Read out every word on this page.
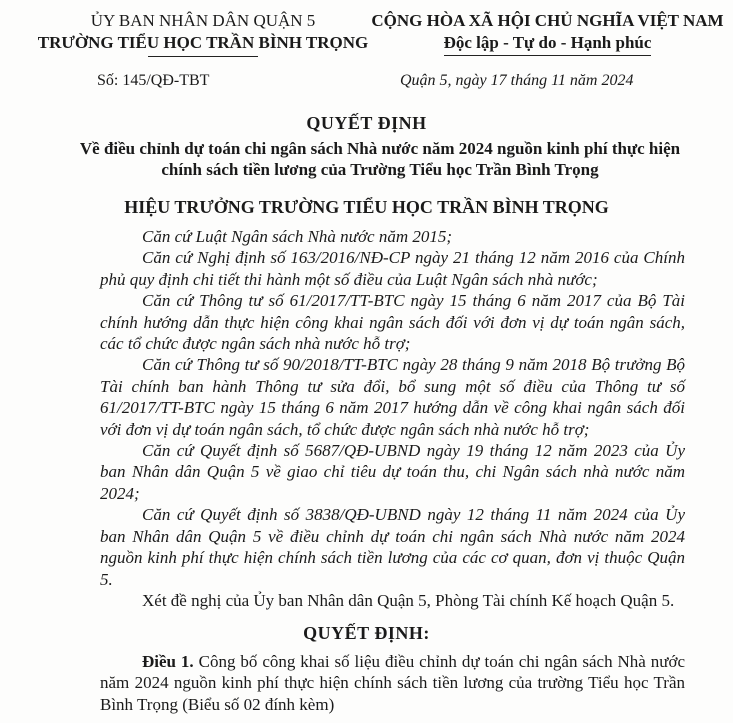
ỦY BAN NHÂN DÂN QUẬN 5
TRƯỜNG TIỂU HỌC TRẦN BÌNH TRỌNG
CỘNG HÒA XÃ HỘI CHỦ NGHĨA VIỆT NAM
Độc lập - Tự do - Hạnh phúc
Số: 145/QĐ-TBT	Quận 5, ngày 17 tháng 11 năm 2024
QUYẾT ĐỊNH
Về điều chỉnh dự toán chi ngân sách Nhà nước năm 2024 nguồn kinh phí thực hiện chính sách tiền lương của Trường Tiểu học Trần Bình Trọng
HIỆU TRƯỞNG TRƯỜNG TIỂU HỌC TRẦN BÌNH TRỌNG

Căn cứ Luật Ngân sách Nhà nước năm 2015;

Căn cứ Nghị định số 163/2016/NĐ-CP ngày 21 tháng 12 năm 2016 của Chính phủ quy định chi tiết thi hành một số điều của Luật Ngân sách nhà nước;

Căn cứ Thông tư số 61/2017/TT-BTC ngày 15 tháng 6 năm 2017 của Bộ Tài chính hướng dẫn thực hiện công khai ngân sách đối với đơn vị dự toán ngân sách, các tổ chức được ngân sách nhà nước hỗ trợ;

Căn cứ Thông tư số 90/2018/TT-BTC ngày 28 tháng 9 năm 2018 Bộ trưởng Bộ Tài chính ban hành Thông tư sửa đổi, bổ sung một số điều của Thông tư số 61/2017/TT-BTC ngày 15 tháng 6 năm 2017 hướng dẫn về công khai ngân sách đối với đơn vị dự toán ngân sách, tổ chức được ngân sách nhà nước hỗ trợ;

Căn cứ Quyết định số 5687/QĐ-UBND ngày 19 tháng 12 năm 2023 của Ủy ban Nhân dân Quận 5 về giao chỉ tiêu dự toán thu, chi Ngân sách nhà nước năm 2024;

Căn cứ Quyết định số 3838/QĐ-UBND ngày 12 tháng 11 năm 2024 của Ủy ban Nhân dân Quận 5 về điều chỉnh dự toán chi ngân sách Nhà nước năm 2024 nguồn kinh phí thực hiện chính sách tiền lương của các cơ quan, đơn vị thuộc Quận 5.

Xét đề nghị của Ủy ban Nhân dân Quận 5, Phòng Tài chính Kế hoạch Quận 5.

QUYẾT ĐỊNH:

Điều 1. Công bố công khai số liệu điều chỉnh dự toán chi ngân sách Nhà nước năm 2024 nguồn kinh phí thực hiện chính sách tiền lương của trường Tiểu học Trần Bình Trọng (Biểu số 02 đính kèm)
